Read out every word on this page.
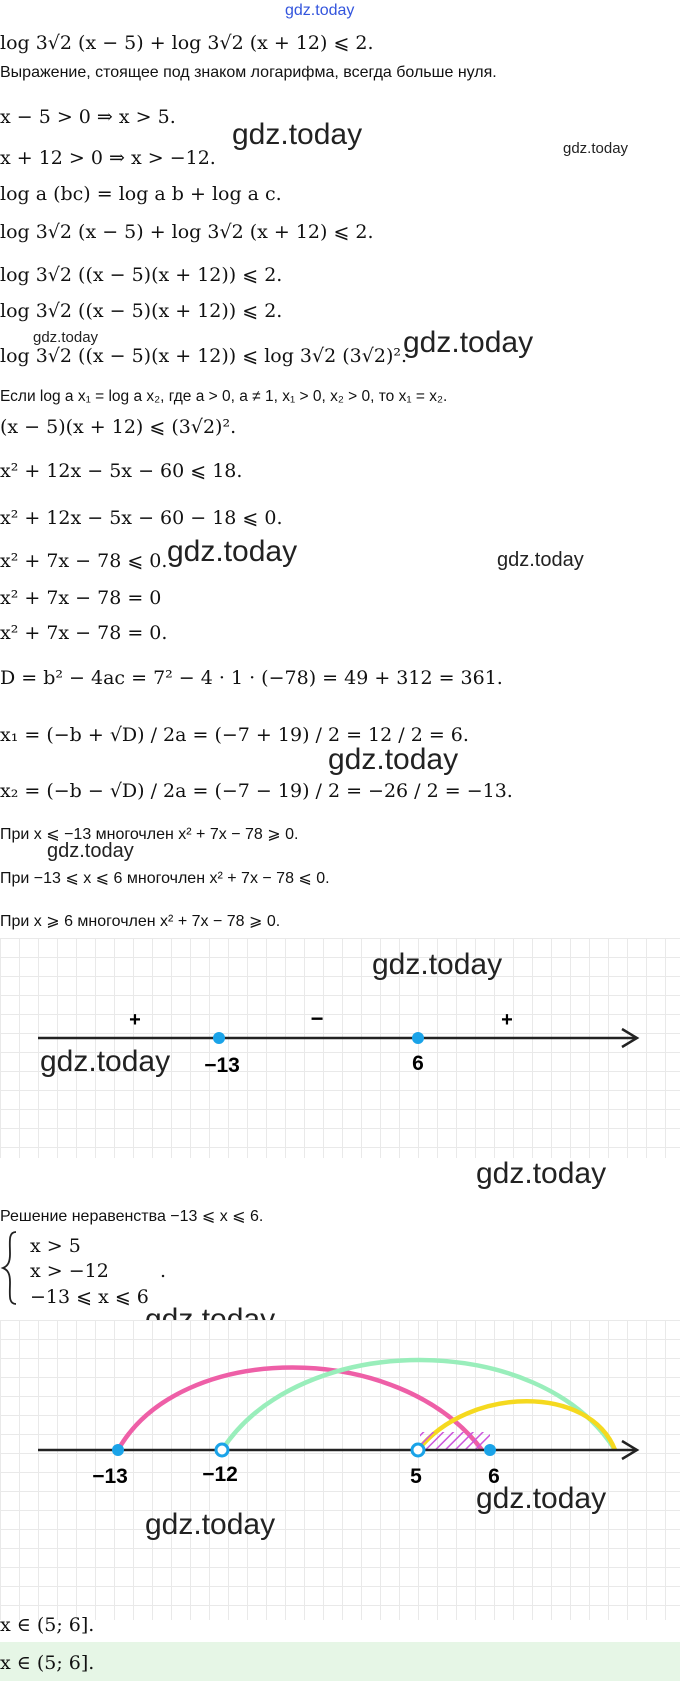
gdz.today
log 3√2 (x − 5) + log 3√2 (x + 12) ⩽ 2.
Выражение, стоящее под знаком логарифма, всегда больше нуля.
x − 5 > 0 ⇒ x > 5.
x + 12 > 0 ⇒ x > −12.
log a (bc) = log a b + log a c.
log 3√2 (x − 5) + log 3√2 (x + 12) ⩽ 2.
log 3√2 ((x − 5)(x + 12)) ⩽ 2.
log 3√2 ((x − 5)(x + 12)) ⩽ 2.
log 3√2 ((x − 5)(x + 12)) ⩽ log 3√2 (3√2)².
Если log a x₁ = log a x₂, где a > 0, a ≠ 1, x₁ > 0, x₂ > 0, то x₁ = x₂.
(x − 5)(x + 12) ⩽ (3√2)².
x² + 12x − 5x − 60 ⩽ 18.
x² + 12x − 5x − 60 − 18 ⩽ 0.
x² + 7x − 78 ⩽ 0.
x² + 7x − 78 = 0
x² + 7x − 78 = 0.
D = b² − 4ac = 7² − 4 · 1 · (−78) = 49 + 312 = 361.
x₁ = (−b + √D) / 2a = (−7 + 19) / 2 = 12 / 2 = 6.
x₂ = (−b − √D) / 2a = (−7 − 19) / 2 = −26 / 2 = −13.
При x ⩽ −13 многочлен x² + 7x − 78 ⩾ 0.
При −13 ⩽ x ⩽ 6 многочлен x² + 7x − 78 ⩽ 0.
При x ⩾ 6 многочлен x² + 7x − 78 ⩾ 0.
gdz.today	gdz.today
gdz.today	gdz.today
gdz.today	gdz.today
gdz.today
gdz.today
+	−	+
−13	6
gdz.today
gdz.today
gdz.today
Решение неравенства −13 ⩽ x ⩽ 6.
x > 5
x > −12
−13 ⩽ x ⩽ 6
.
−13	−12	5	6
gdz.today
gdz.today
x ∈ (5; 6].
x ∈ (5; 6].
